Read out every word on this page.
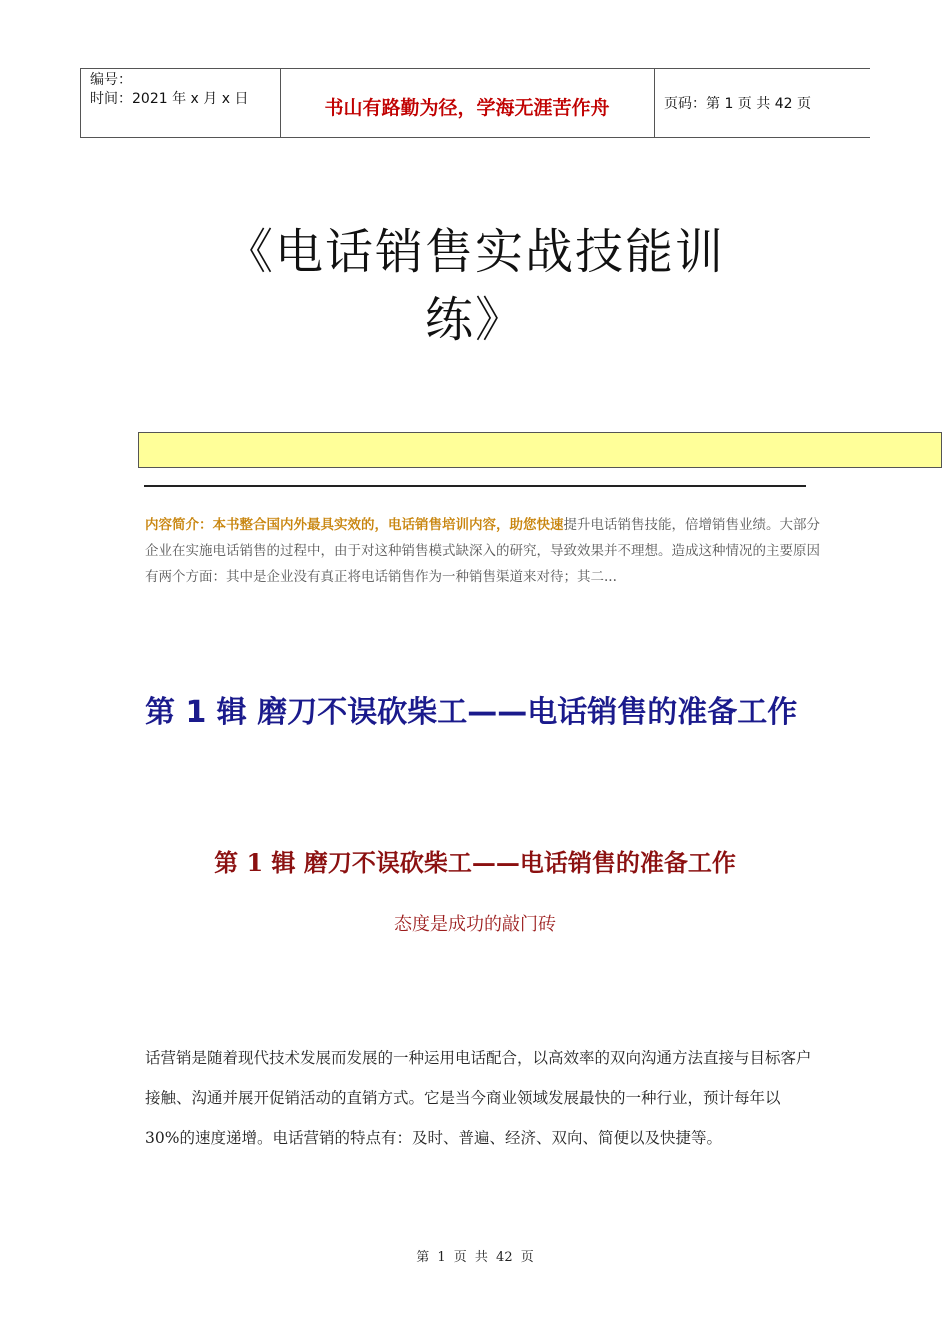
编号：
时间：2021 年 x 月 x 日	书山有路勤为径，学海无涯苦作舟	页码：第 1 页 共 42 页
《电话销售实战技能训
练》
内容简介：本书整合国内外最具实效的，电话销售培训内容，助您快速提升电话销售技能，倍增销售业绩。大部分企业在实施电话销售的过程中，由于对这种销售模式缺深入的研究，导致效果并不理想。造成这种情况的主要原因有两个方面：其中是企业没有真正将电话销售作为一种销售渠道来对待；其二...
第 1 辑 磨刀不误砍柴工——电话销售的准备工作
第 1 辑 磨刀不误砍柴工——电话销售的准备工作
态度是成功的敲门砖
话营销是随着现代技术发展而发展的一种运用电话配合，以高效率的双向沟通方法直接与目标客户接触、沟通并展开促销活动的直销方式。它是当今商业领域发展最快的一种行业，预计每年以 30%的速度递增。电话营销的特点有：及时、普遍、经济、双向、简便以及快捷等。
第 1 页 共 42 页
